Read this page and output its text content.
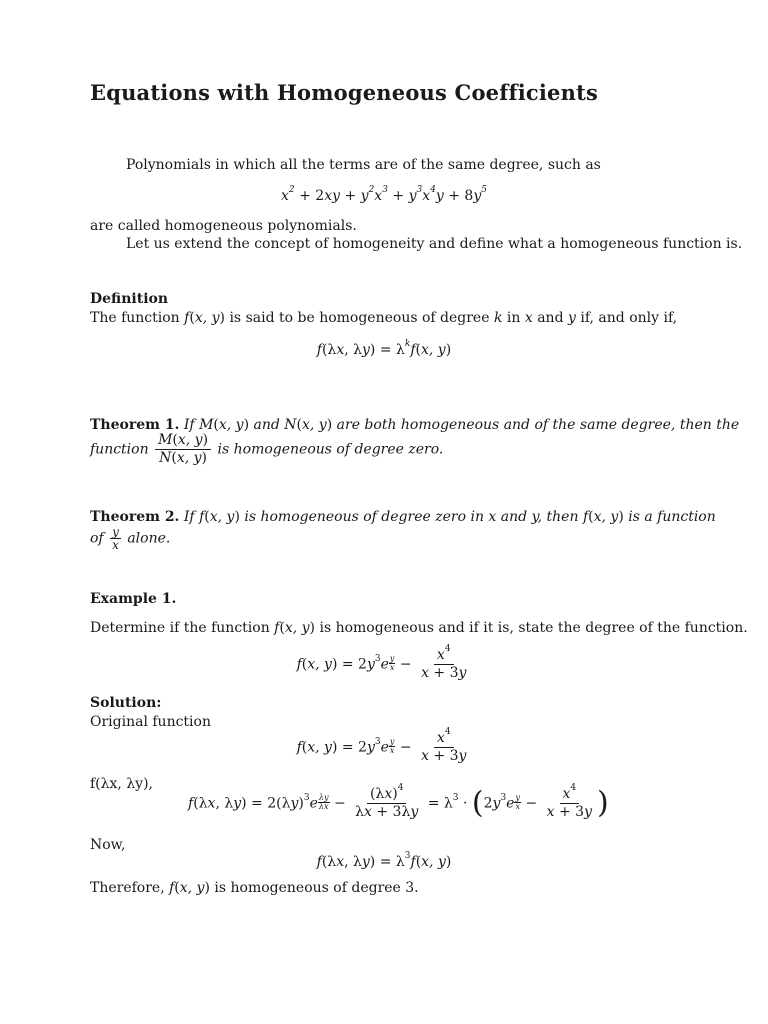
Equations with Homogeneous Coefficients
Polynomials in which all the terms are of the same degree, such as
$x^2 + 2xy + y^2x^3 + y^3x^4y + 8y^5$
are called homogeneous polynomials.
Let us extend the concept of homogeneity and define what a homogeneous function is.
Definition
The function f(x, y) is said to be homogeneous of degree k in x and y if, and only if,
f(λx, $\lambda y) = \lambda^kf(x$, y)
Theorem 1. If M(x, y) and N(x, y) are both homogeneous and of the same degree, then the
function $\frac{M(x, y)}{N(x, y)}$ is homogeneous of degree zero.
Theorem 2. If f(x, y) is homogeneous of degree zero in x and y, then f(x, y) is a function
of $\frac{y}{x}$ alone.
Example 1.
Determine if the function f(x, y) is homogeneous and if it is, state the degree of the function.
f(x, $y) = 2y^3e \frac{y}{x} - \frac{x^4}{x + 3y}$
Solution:
Original function
f(x, $y) = 2y^3e \frac{y}{x} - \frac{x^4}{x + 3y}$
f(λx, λy),
f(λx, $\lambda y) = 2(\lambda y)^3e \frac{\lambda y}{\lambda x} - \frac{(\lambda x)^4}{\lambda x + 3\lambda y} = \lambda^3 \cdot (2y^3e \frac{y}{x} - \frac{x^4}{x + 3y}$ )
Now,
f(λx, $\lambda y) = \lambda^3f(x$, y)
Therefore, f(x, y) is homogeneous of degree 3.
